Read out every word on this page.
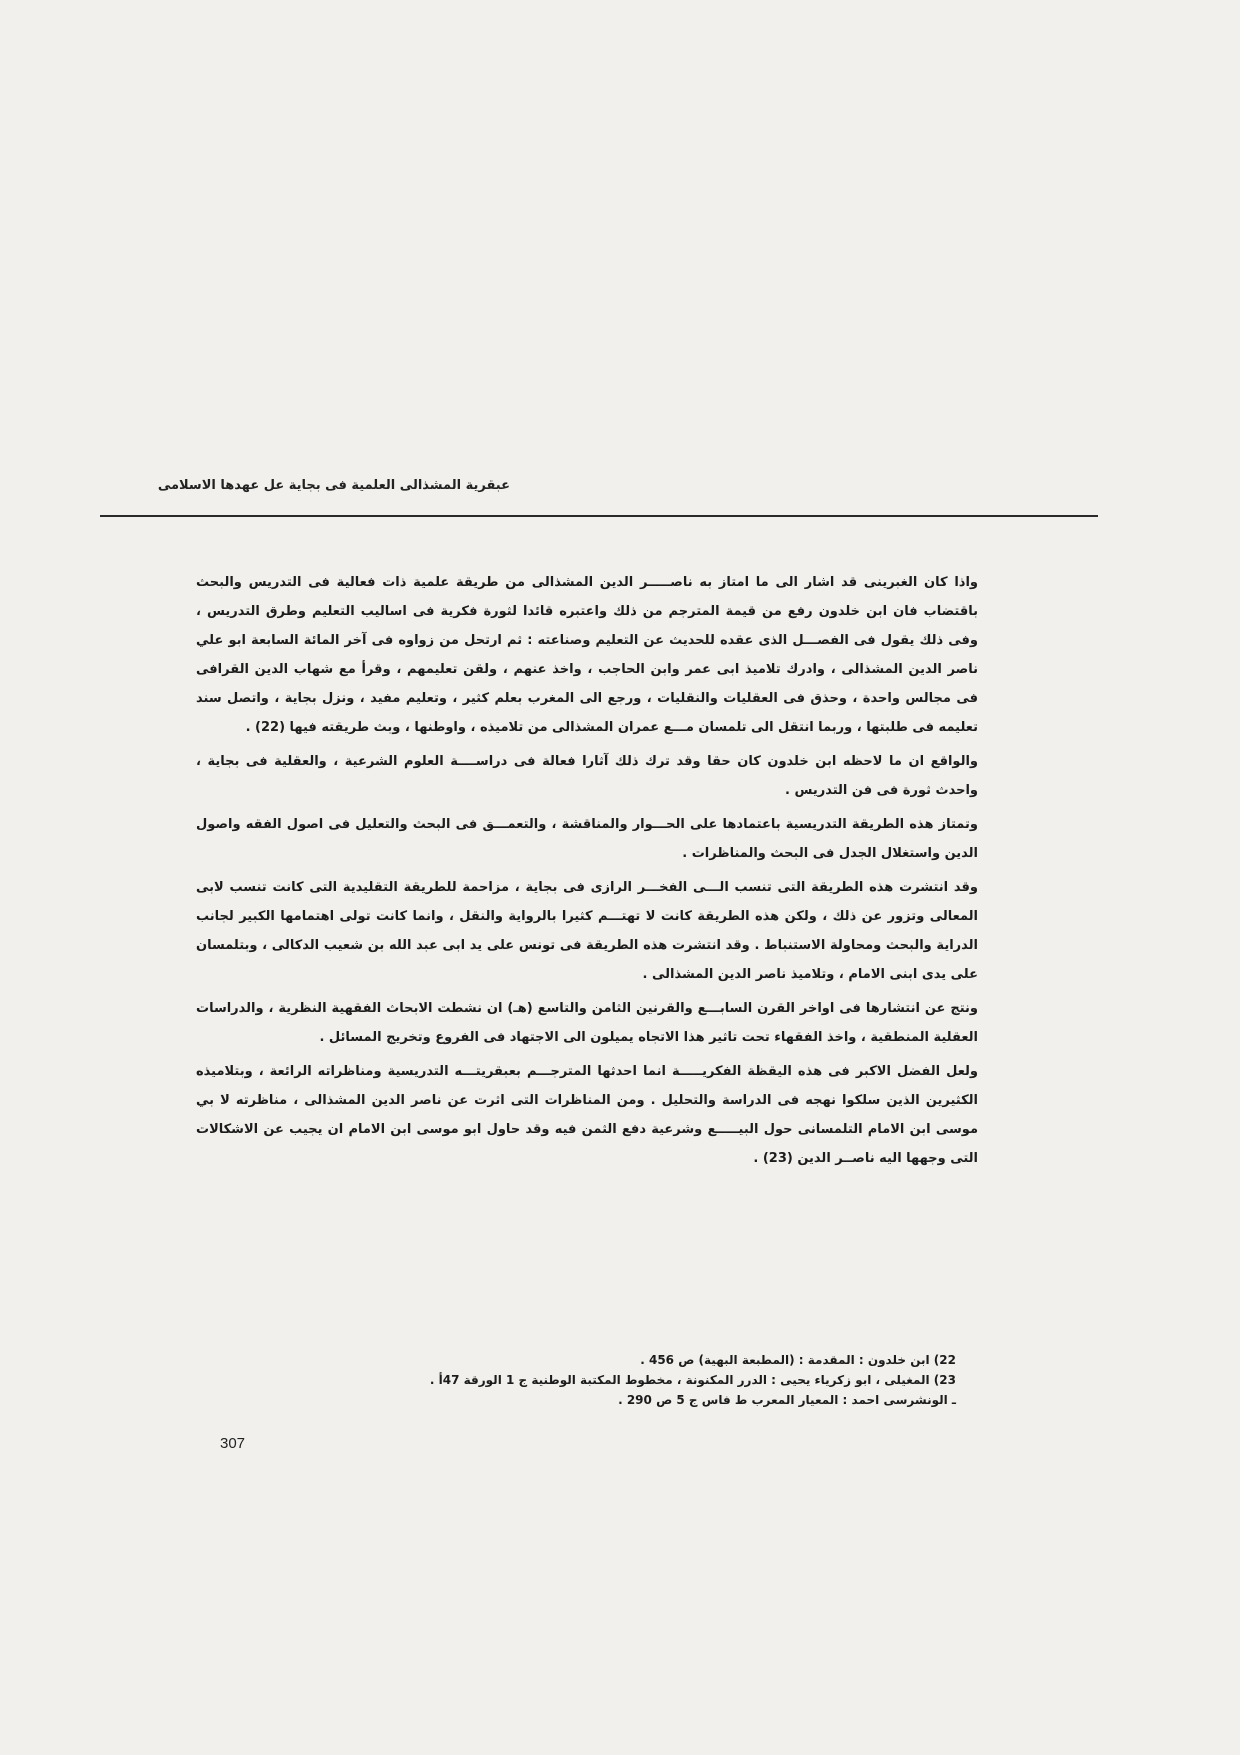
عبقرية المشذالى العلمية فى بجاية عل عهدها الاسلامى

واذا كان الغبرينى قد اشار الى ما امتاز به ناصـــــر الدين المشذالى من طريقة علمية ذات فعالية فى التدريس والبحث باقتضاب فان ابن خلدون رفع من قيمة المترجم من ذلك واعتبره قائدا لثورة فكرية فى اساليب التعليم وطرق التدريس ، وفى ذلك يقول فى الفصـــل الذى عقده للحديث عن التعليم وصناعته : ثم ارتحل من زواوه فى آخر المائة السابعة ابو علي ناصر الدين المشذالى ، وادرك تلاميذ ابى عمر وابن الحاجب ، واخذ عنهم ، ولقن تعليمهم ، وقرأ مع شهاب الدين القرافى فى مجالس واحدة ، وحذق فى العقليات والنقليات ، ورجع الى المغرب بعلم كثير ، وتعليم مفيد ، ونزل بجاية ، واتصل سند تعليمه فى طلبتها ، وربما انتقل الى تلمسان مـــع عمران المشذالى من تلاميذه ، واوطنها ، وبث طريقته فيها (22) .

والواقع ان ما لاحظه ابن خلدون كان حقا وقد ترك ذلك آثارا فعالة فى دراســــة العلوم الشرعية ، والعقلية فى بجاية ، واحدث ثورة فى فن التدريس .

وتمتاز هذه الطريقة التدريسية باعتمادها على الحـــوار والمناقشة ، والتعمـــق فى البحث والتعليل فى اصول الفقه واصول الدين واستغلال الجدل فى البحث والمناظرات .

وقد انتشرت هذه الطريقة التى تنسب الـــى الفخـــر الرازى فى بجاية ، مزاحمة للطريقة التقليدية التى كانت تنسب لابى المعالى وتزور عن ذلك ، ولكن هذه الطريقة كانت لا تهتـــم كثيرا بالرواية والنقل ، وانما كانت تولى اهتمامها الكبير لجانب الدراية والبحث ومحاولة الاستنباط . وقد انتشرت هذه الطريقة فى تونس على يد ابى عبد الله بن شعيب الدكالى ، وبتلمسان على يدى ابنى الامام ، وتلاميذ ناصر الدين المشذالى .

ونتج عن انتشارها فى اواخر القرن السابـــع والقرنين الثامن والتاسع (هـ) ان نشطت الابحاث الفقهية النظرية ، والدراسات العقلية المنطقية ، واخذ الفقهاء تحت تاثير هذا الاتجاه يميلون الى الاجتهاد فى الفروع وتخريج المسائل .

ولعل الفضل الاكبر فى هذه اليقظة الفكريـــــة انما احدثها المترجـــم بعبقريتـــه التدريسية ومناظراته الرائعة ، وبتلاميذه الكثيرين الذين سلكوا نهجه فى الدراسة والتحليل . ومن المناظرات التى اثرت عن ناصر الدين المشذالى ، مناظرته لا بي موسى ابن الامام التلمسانى حول البيـــــع وشرعية دفع الثمن فيه وقد حاول ابو موسى ابن الامام ان يجيب عن الاشكالات التى وجهها اليه ناصــر الدين (23) .

22) ابن خلدون : المقدمة : (المطبعة البهية) ص 456 .

23) المغيلى ، ابو زكرياء يحيى : الدرر المكنونة ، مخطوط المكتبة الوطنية ج 1 الورقة 47أ .

ـ الونشرسى احمد : المعيار المعرب ط فاس ج 5 ص 290 .

307
